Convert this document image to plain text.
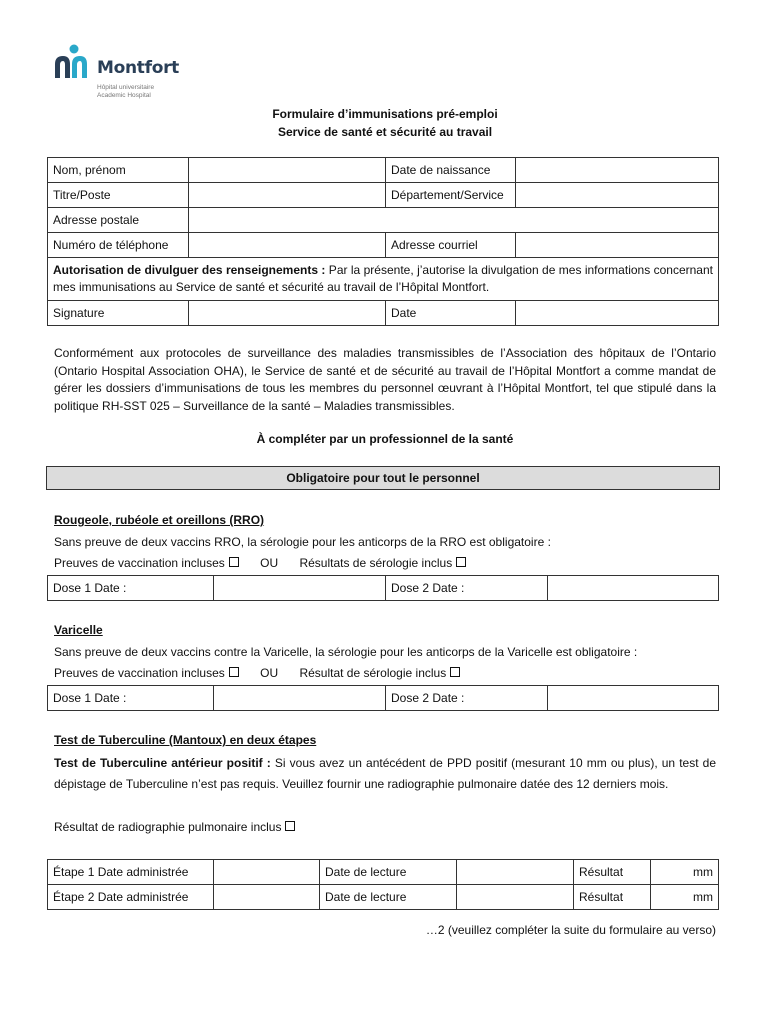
Montfort
Hôpital universitaire
Academic Hospital
Formulaire d’immunisations pré-emploi
Service de santé et sécurité au travail
Nom, prénom		Date de naissance	
Titre/Poste		Département/Service	
Adresse postale			
Numéro de téléphone		Adresse courriel	
Autorisation de divulguer des renseignements : Par la présente, j’autorise la divulgation de mes informations concernant mes immunisations au Service de santé et sécurité au travail de l’Hôpital Montfort.			
Signature		Date	
Conformément aux protocoles de surveillance des maladies transmissibles de l’Association des hôpitaux de l’Ontario (Ontario Hospital Association OHA), le Service de santé et de sécurité au travail de l’Hôpital Montfort a comme mandat de gérer les dossiers d’immunisations de tous les membres du personnel œuvrant à l’Hôpital Montfort, tel que stipulé dans la politique RH-SST 025 – Surveillance de la santé – Maladies transmissibles.
À compléter par un professionnel de la santé
Obligatoire pour tout le personnel
Rougeole, rubéole et oreillons (RRO)
Sans preuve de deux vaccins RRO, la sérologie pour les anticorps de la RRO est obligatoire :
Preuves de vaccination incluses	OU Résultats de sérologie inclus
Dose 1 Date :		Dose 2 Date :	
Varicelle
Sans preuve de deux vaccins contre la Varicelle, la sérologie pour les anticorps de la Varicelle est obligatoire :
Preuves de vaccination incluses	OU Résultat de sérologie inclus
Dose 1 Date :		Dose 2 Date :	
Test de Tuberculine (Mantoux) en deux étapes
Test de Tuberculine antérieur positif : Si vous avez un antécédent de PPD positif (mesurant 10 mm ou plus), un test de dépistage de Tuberculine n’est pas requis. Veuillez fournir une radiographie pulmonaire datée des 12 derniers mois.
Résultat de radiographie pulmonaire inclus
Étape 1 Date administrée		Date de lecture		Résultat	mm
Étape 2 Date administrée		Date de lecture		Résultat	mm
…2 (veuillez compléter la suite du formulaire au verso)
